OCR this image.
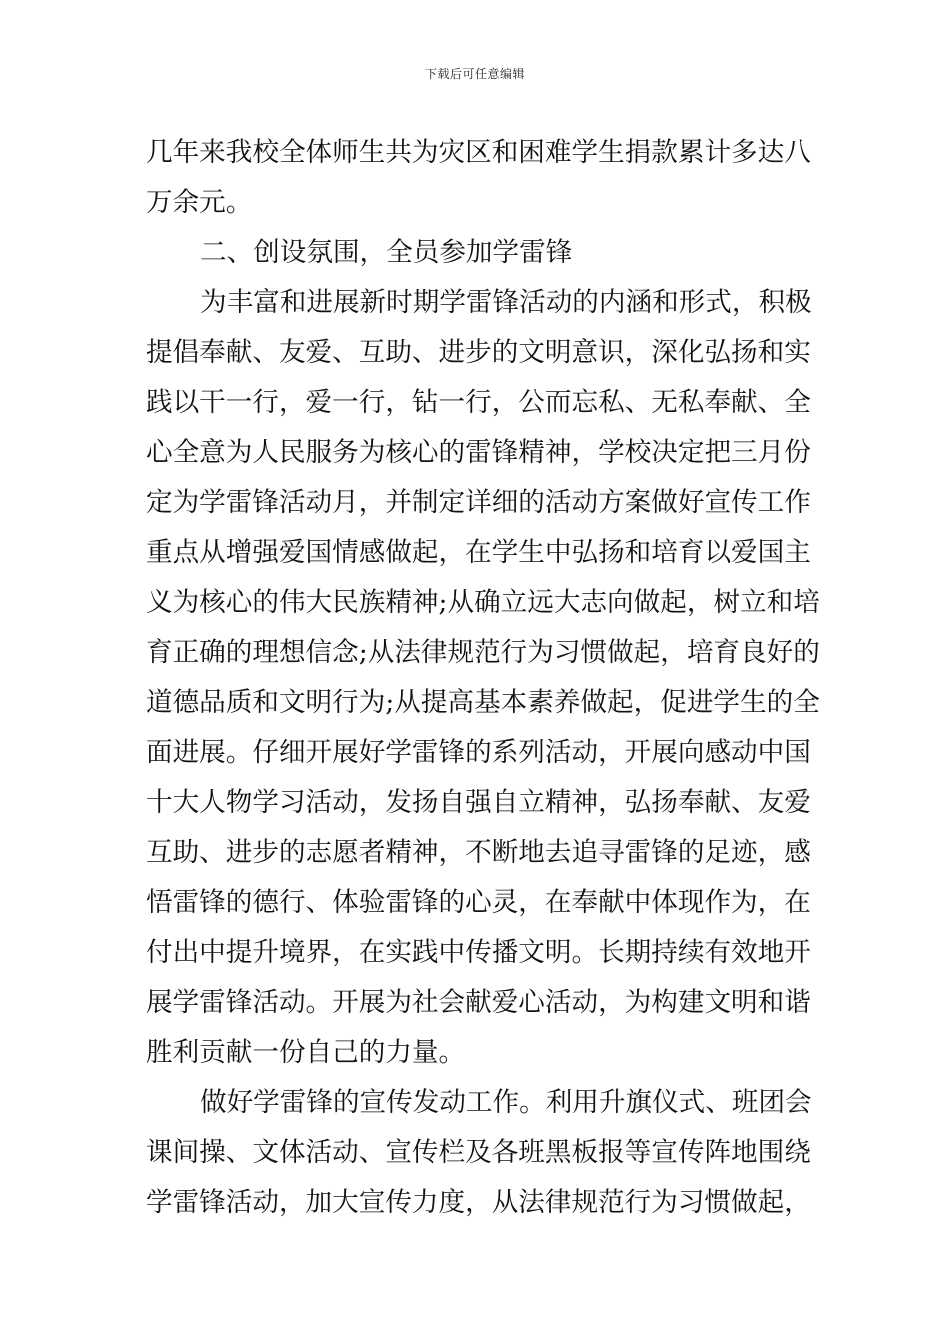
下载后可任意编辑
几年来我校全体师生共为灾区和困难学生捐款累计多达八
万余元。
二、创设氛围，全员参加学雷锋
为丰富和进展新时期学雷锋活动的内涵和形式，积极
提倡奉献、友爱、互助、进步的文明意识，深化弘扬和实
践以干一行，爱一行，钻一行，公而忘私、无私奉献、全
心全意为人民服务为核心的雷锋精神，学校决定把三月份
定为学雷锋活动月，并制定详细的活动方案做好宣传工作
重点从增强爱国情感做起，在学生中弘扬和培育以爱国主
义为核心的伟大民族精神;从确立远大志向做起，树立和培
育正确的理想信念;从法律规范行为习惯做起，培育良好的
道德品质和文明行为;从提高基本素养做起，促进学生的全
面进展。仔细开展好学雷锋的系列活动，开展向感动中国
十大人物学习活动，发扬自强自立精神，弘扬奉献、友爱
互助、进步的志愿者精神，不断地去追寻雷锋的足迹，感
悟雷锋的德行、体验雷锋的心灵，在奉献中体现作为，在
付出中提升境界，在实践中传播文明。长期持续有效地开
展学雷锋活动。开展为社会献爱心活动，为构建文明和谐
胜利贡献一份自己的力量。
做好学雷锋的宣传发动工作。利用升旗仪式、班团会
课间操、文体活动、宣传栏及各班黑板报等宣传阵地围绕
学雷锋活动，加大宣传力度，从法律规范行为习惯做起，
